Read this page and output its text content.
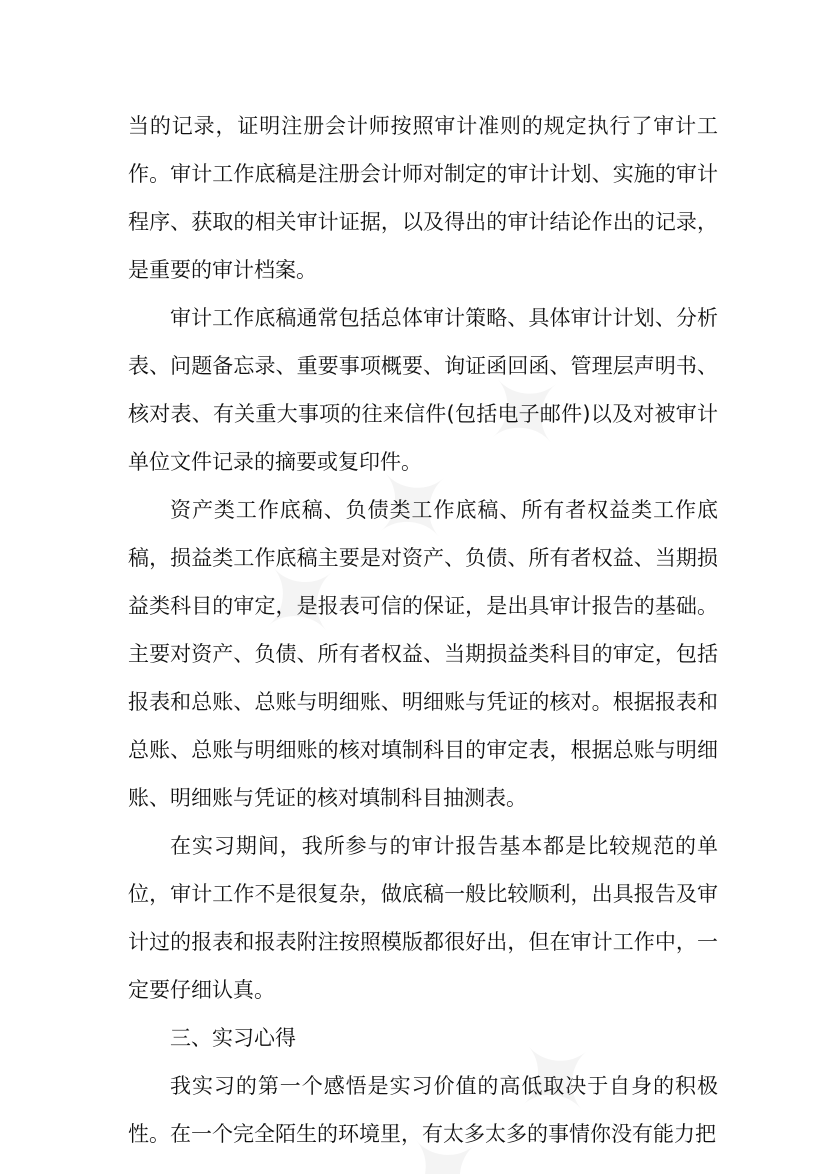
当的记录，证明注册会计师按照审计准则的规定执行了审计工作。审计工作底稿是注册会计师对制定的审计计划、实施的审计程序、获取的相关审计证据，以及得出的审计结论作出的记录，是重要的审计档案。

审计工作底稿通常包括总体审计策略、具体审计计划、分析表、问题备忘录、重要事项概要、询证函回函、管理层声明书、核对表、有关重大事项的往来信件(包括电子邮件)以及对被审计单位文件记录的摘要或复印件。

资产类工作底稿、负债类工作底稿、所有者权益类工作底稿，损益类工作底稿主要是对资产、负债、所有者权益、当期损益类科目的审定，是报表可信的保证，是出具审计报告的基础。主要对资产、负债、所有者权益、当期损益类科目的审定，包括报表和总账、总账与明细账、明细账与凭证的核对。根据报表和总账、总账与明细账的核对填制科目的审定表，根据总账与明细账、明细账与凭证的核对填制科目抽测表。

在实习期间，我所参与的审计报告基本都是比较规范的单位，审计工作不是很复杂，做底稿一般比较顺利，出具报告及审计过的报表和报表附注按照模版都很好出，但在审计工作中，一定要仔细认真。

三、实习心得

我实习的第一个感悟是实习价值的高低取决于自身的积极性。在一个完全陌生的环境里，有太多太多的事情你没有能力把
